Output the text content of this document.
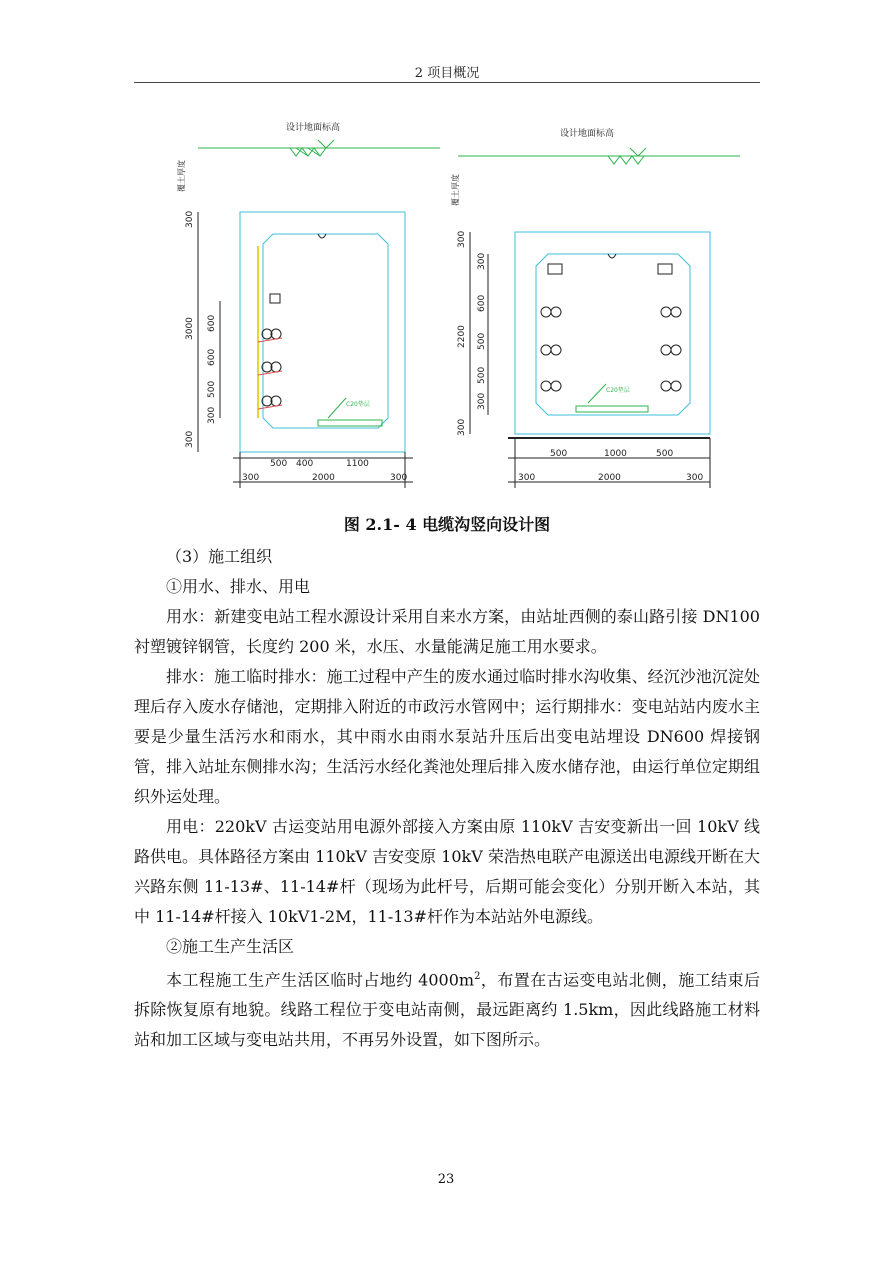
2 项目概况
设计地面标高
覆土厚度
300
3000 600
600
500
300
300
500 400	1100
300	2000	300
C20垫层
设计地面标高
覆土厚度
300
300
2200
600
500
500
300
300
500	1000	500
300	2000	300
C20垫层
图 2.1- 4 电缆沟竖向设计图

（3）施工组织

①用水、排水、用电

用水：新建变电站工程水源设计采用自来水方案，由站址西侧的泰山路引接 DN100 衬塑镀锌钢管，长度约 200 米，水压、水量能满足施工用水要求。

排水：施工临时排水：施工过程中产生的废水通过临时排水沟收集、经沉沙池沉淀处理后存入废水存储池，定期排入附近的市政污水管网中；运行期排水：变电站站内废水主要是少量生活污水和雨水，其中雨水由雨水泵站升压后出变电站埋设 DN600 焊接钢管，排入站址东侧排水沟；生活污水经化粪池处理后排入废水储存池，由运行单位定期组织外运处理。

用电：220kV 古运变站用电源外部接入方案由原 110kV 吉安变新出一回 10kV 线路供电。具体路径方案由 110kV 吉安变原 10kV 荣浩热电联产电源送出电源线开断在大兴路东侧 11-13#、11-14#杆（现场为此杆号，后期可能会变化）分别开断入本站，其中 11-14#杆接入 10kV1-2M，11-13#杆作为本站站外电源线。

②施工生产生活区

本工程施工生产生活区临时占地约 $4000m^2$，布置在古运变电站北侧，施工结束后拆除恢复原有地貌。线路工程位于变电站南侧，最远距离约 1.5km，因此线路施工材料站和加工区域与变电站共用，不再另外设置，如下图所示。

23
